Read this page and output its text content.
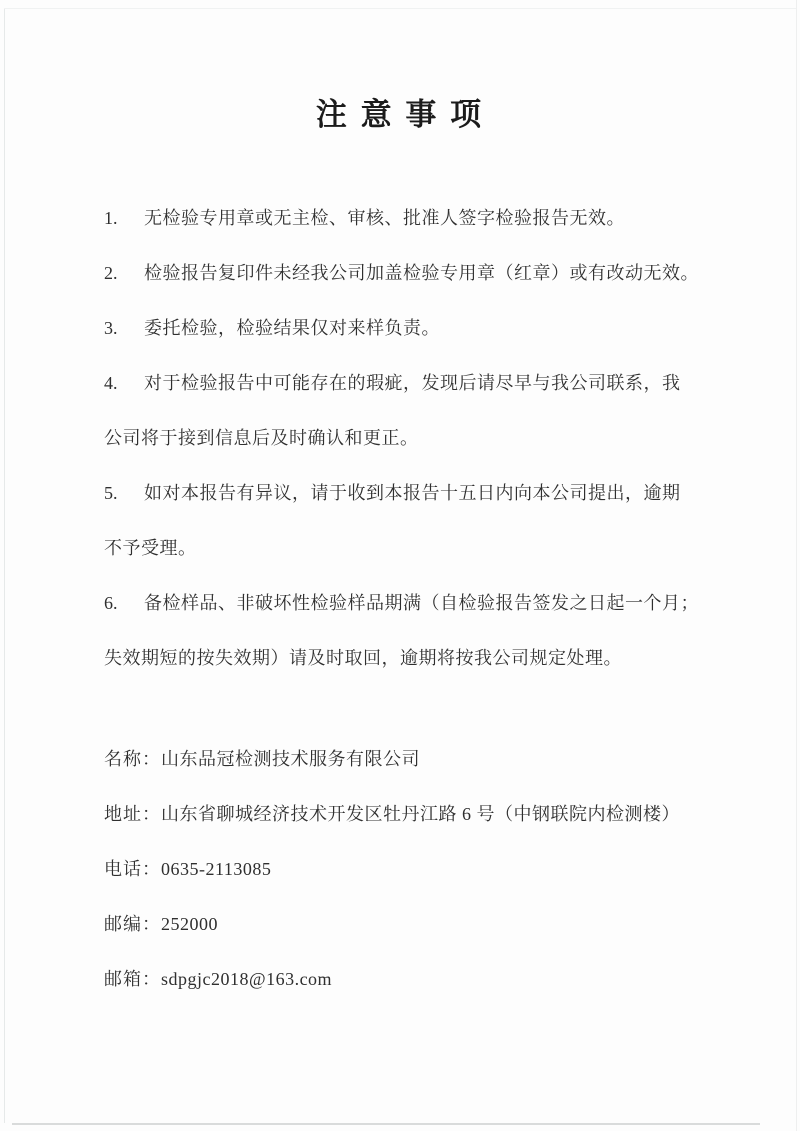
注 意 事 项
1. 无检验专用章或无主检、审核、批准人签字检验报告无效。
2. 检验报告复印件未经我公司加盖检验专用章（红章）或有改动无效。
3. 委托检验，检验结果仅对来样负责。
4. 对于检验报告中可能存在的瑕疵，发现后请尽早与我公司联系，我
公司将于接到信息后及时确认和更正。
5. 如对本报告有异议，请于收到本报告十五日内向本公司提出，逾期
不予受理。
6. 备检样品、非破坏性检验样品期满（自检验报告签发之日起一个月；
失效期短的按失效期）请及时取回，逾期将按我公司规定处理。
名称：山东品冠检测技术服务有限公司
地址：山东省聊城经济技术开发区牡丹江路 6 号（中钢联院内检测楼）
电话：0635-2113085
邮编：252000
邮箱：sdpgjc2018@163.com
